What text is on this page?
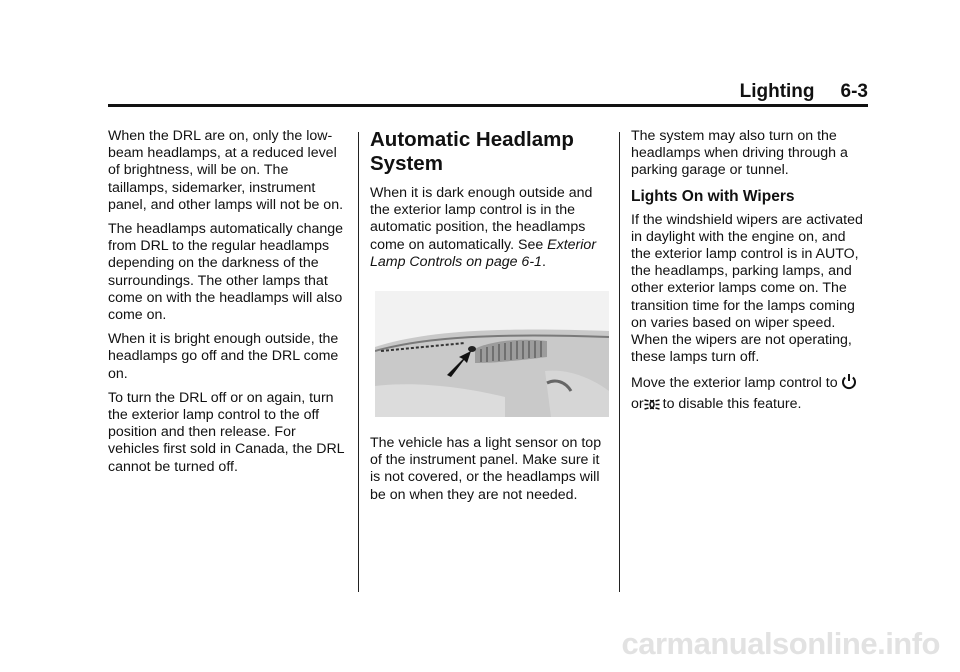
Lighting 6-3

When the DRL are on, only the low-beam headlamps, at a reduced level of brightness, will be on. The taillamps, sidemarker, instrument panel, and other lamps will not be on.

The headlamps automatically change from DRL to the regular headlamps depending on the darkness of the surroundings. The other lamps that come on with the headlamps will also come on.

When it is bright enough outside, the headlamps go off and the DRL come on.

To turn the DRL off or on again, turn the exterior lamp control to the off position and then release. For vehicles first sold in Canada, the DRL cannot be turned off.

Automatic Headlamp System

When it is dark enough outside and the exterior lamp control is in the automatic position, the headlamps come on automatically. See Exterior Lamp Controls on page 6-1.

The vehicle has a light sensor on top of the instrument panel. Make sure it is not covered, or the headlamps will be on when they are not needed.

The system may also turn on the headlamps when driving through a parking garage or tunnel.

Lights On with Wipers

If the windshield wipers are activated in daylight with the engine on, and the exterior lamp control is in AUTO, the headlamps, parking lamps, and other exterior lamps come on. The transition time for the lamps coming on varies based on wiper speed. When the wipers are not operating, these lamps turn off.

Move the exterior lamp control to
or to disable this feature.

carmanualsonline.info
